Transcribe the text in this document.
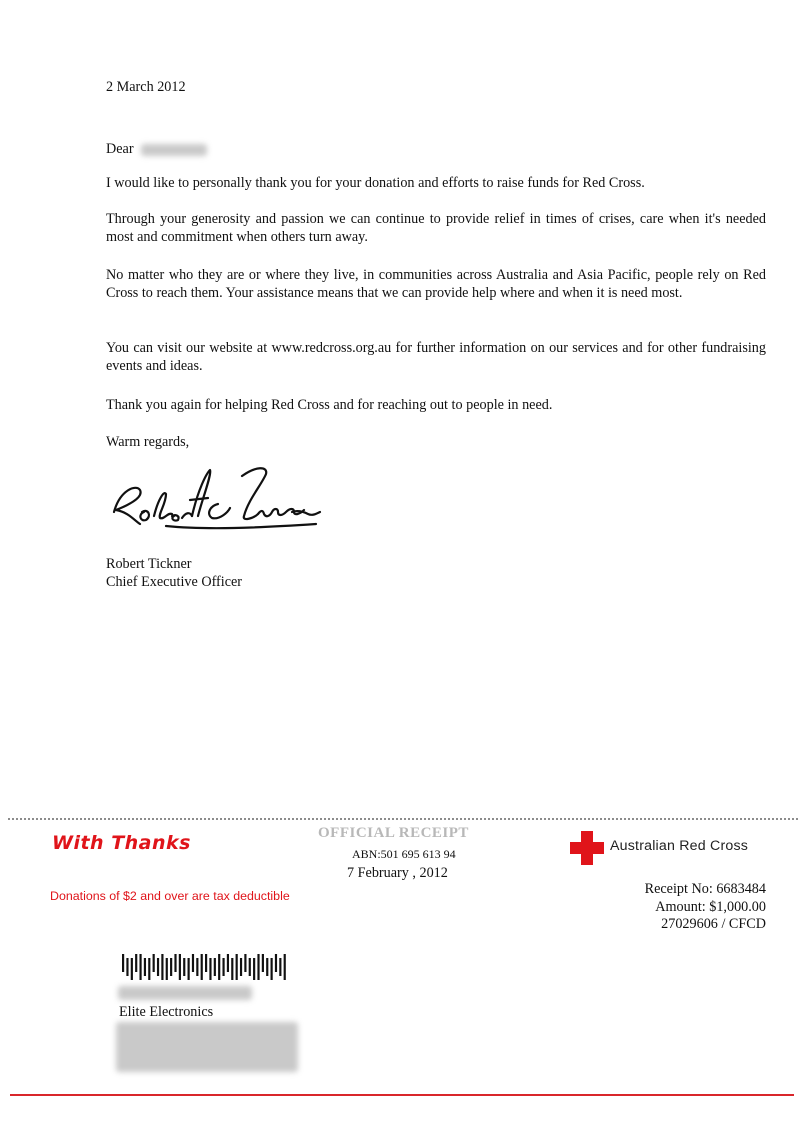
2 March 2012
Dear

I would like to personally thank you for your donation and efforts to raise funds for Red Cross.

Through your generosity and passion we can continue to provide relief in times of crises, care when it's needed most and commitment when others turn away.

No matter who they are or where they live, in communities across Australia and Asia Pacific, people rely on Red Cross to reach them. Your assistance means that we can provide help where and when it is need most.

You can visit our website at www.redcross.org.au for further information on our services and for other fundraising events and ideas.

Thank you again for helping Red Cross and for reaching out to people in need.

Warm regards,
Robert Tickner
Chief Executive Officer
With Thanks
Donations of $2 and over are tax deductible
OFFICIAL RECEIPT
ABN:501 695 613 94
7 February , 2012
Australian Red Cross
Receipt No: 6683484
Amount: $1,000.00
27029606 / CFCD
Elite Electronics
